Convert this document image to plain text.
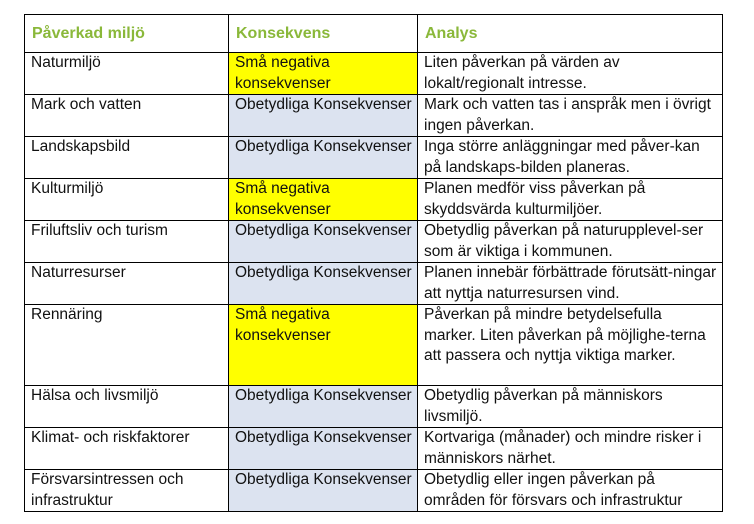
Påverkad miljö	Konsekvens	Analys
Naturmiljö	Små negativa konsekvenser	Liten påverkan på värden av lokalt/regionalt intresse.
Mark och vatten	Obetydliga Konsekvenser	Mark och vatten tas i anspråk men i övrigt ingen påverkan.
Landskapsbild	Obetydliga Konsekvenser	Inga större anläggningar med påver-kan på landskaps-bilden planeras.
Kulturmiljö	Små negativa konsekvenser	Planen medför viss påverkan på skyddsvärda kulturmiljöer.
Friluftsliv och turism	Obetydliga Konsekvenser	Obetydlig påverkan på naturupplevel-ser som är viktiga i kommunen.
Naturresurser	Obetydliga Konsekvenser	Planen innebär förbättrade förutsätt-ningar att nyttja naturresursen vind.
Rennäring	Små negativa konsekvenser	Påverkan på mindre betydelsefulla marker. Liten påverkan på möjlighe-terna att passera och nyttja viktiga marker.
Hälsa och livsmiljö	Obetydliga Konsekvenser	Obetydlig påverkan på människors livsmiljö.
Klimat- och riskfaktorer	Obetydliga Konsekvenser	Kortvariga (månader) och mindre risker i människors närhet.
Försvarsintressen och infrastruktur	Obetydliga Konsekvenser	Obetydlig eller ingen påverkan på områden för försvars och infrastruktur
